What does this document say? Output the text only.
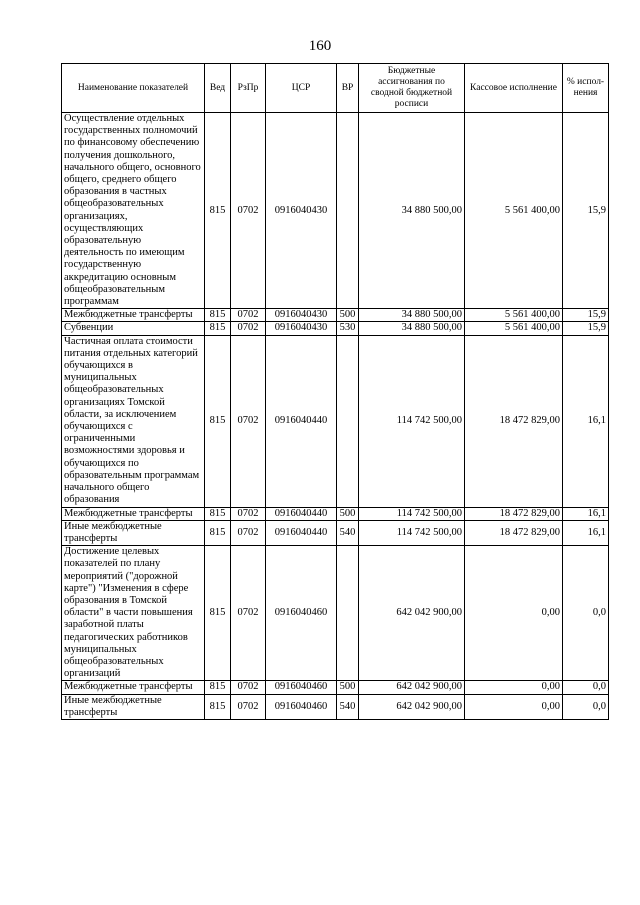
160
Наименование показателей	Вед	РзПр	ЦСР	ВР	Бюджетные ассигнования по сводной бюджетной росписи	Кассовое исполнение	% испол-нения
Осуществление отдельных государственных полномочий по финансовому обеспечению получения дошкольного, начального общего, основного общего, среднего общего образования в частных общеобразовательных организациях, осуществляющих образовательную деятельность по имеющим государственную аккредитацию основным общеобразовательным программам	815	0702	0916040430		34 880 500,00	5 561 400,00	15,9
Межбюджетные трансферты	815	0702	0916040430	500	34 880 500,00	5 561 400,00	15,9
Субвенции	815	0702	0916040430	530	34 880 500,00	5 561 400,00	15,9
Частичная оплата стоимости питания отдельных категорий обучающихся в муниципальных общеобразовательных организациях Томской области, за исключением обучающихся с ограниченными возможностями здоровья и обучающихся по образовательным программам начального общего образования	815	0702	0916040440		114 742 500,00	18 472 829,00	16,1
Межбюджетные трансферты	815	0702	0916040440	500	114 742 500,00	18 472 829,00	16,1
Иные межбюджетные трансферты	815	0702	0916040440	540	114 742 500,00	18 472 829,00	16,1
Достижение целевых показателей по плану мероприятий ("дорожной карте") "Изменения в сфере образования в Томской области" в части повышения заработной платы педагогических работников муниципальных общеобразовательных организаций	815	0702	0916040460		642 042 900,00	0,00	0,0
Межбюджетные трансферты	815	0702	0916040460	500	642 042 900,00	0,00	0,0
Иные межбюджетные трансферты	815	0702	0916040460	540	642 042 900,00	0,00	0,0
